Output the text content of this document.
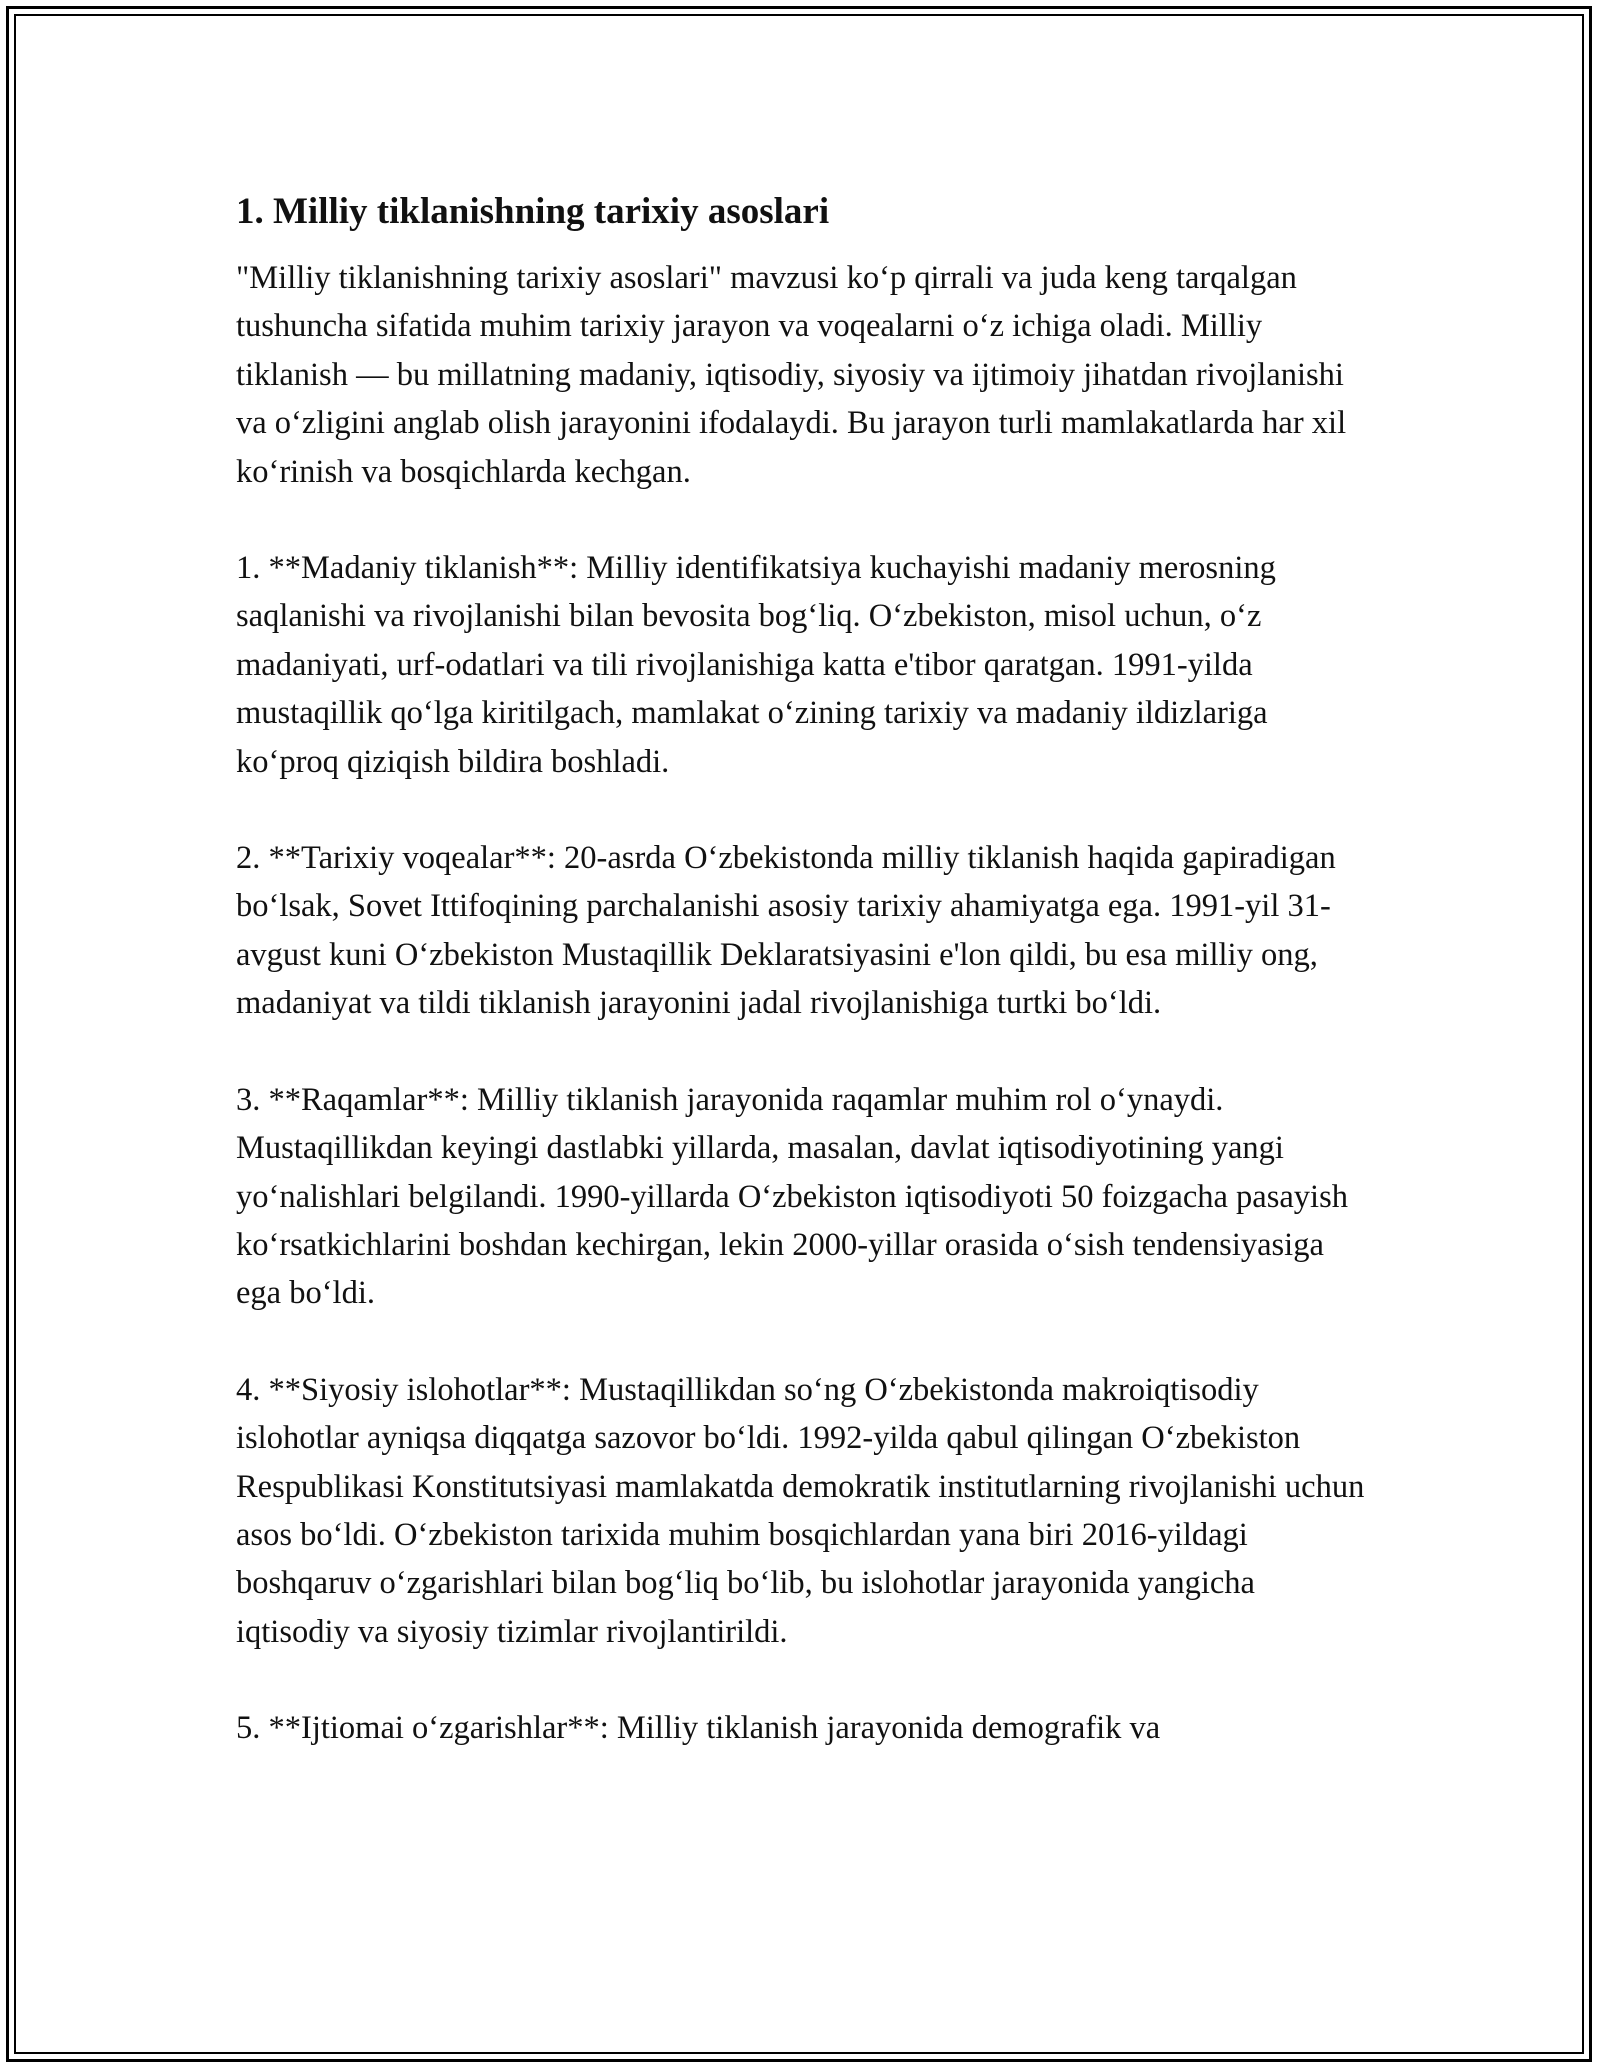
1. Milliy tiklanishning tarixiy asoslari

"Milliy tiklanishning tarixiy asoslari" mavzusi ko‘p qirrali va juda keng tarqalgan tushuncha sifatida muhim tarixiy jarayon va voqealarni o‘z ichiga oladi. Milliy tiklanish — bu millatning madaniy, iqtisodiy, siyosiy va ijtimoiy jihatdan rivojlanishi va o‘zligini anglab olish jarayonini ifodalaydi. Bu jarayon turli mamlakatlarda har xil ko‘rinish va bosqichlarda kechgan.

1. **Madaniy tiklanish**: Milliy identifikatsiya kuchayishi madaniy merosning saqlanishi va rivojlanishi bilan bevosita bog‘liq. O‘zbekiston, misol uchun, o‘z madaniyati, urf-odatlari va tili rivojlanishiga katta e'tibor qaratgan. 1991-yilda mustaqillik qo‘lga kiritilgach, mamlakat o‘zining tarixiy va madaniy ildizlariga ko‘proq qiziqish bildira boshladi.

2. **Tarixiy voqealar**: 20-asrda O‘zbekistonda milliy tiklanish haqida gapiradigan bo‘lsak, Sovet Ittifoqining parchalanishi asosiy tarixiy ahamiyatga ega. 1991-yil 31-avgust kuni O‘zbekiston Mustaqillik Deklaratsiyasini e'lon qildi, bu esa milliy ong, madaniyat va tildi tiklanish jarayonini jadal rivojlanishiga turtki bo‘ldi.

3. **Raqamlar**: Milliy tiklanish jarayonida raqamlar muhim rol o‘ynaydi. Mustaqillikdan keyingi dastlabki yillarda, masalan, davlat iqtisodiyotining yangi yo‘nalishlari belgilandi. 1990-yillarda O‘zbekiston iqtisodiyoti 50 foizgacha pasayish ko‘rsatkichlarini boshdan kechirgan, lekin 2000-yillar orasida o‘sish tendensiyasiga ega bo‘ldi.

4. **Siyosiy islohotlar**: Mustaqillikdan so‘ng O‘zbekistonda makroiqtisodiy islohotlar ayniqsa diqqatga sazovor bo‘ldi. 1992-yilda qabul qilingan O‘zbekiston Respublikasi Konstitutsiyasi mamlakatda demokratik institutlarning rivojlanishi uchun asos bo‘ldi. O‘zbekiston tarixida muhim bosqichlardan yana biri 2016-yildagi boshqaruv o‘zgarishlari bilan bog‘liq bo‘lib, bu islohotlar jarayonida yangicha iqtisodiy va siyosiy tizimlar rivojlantirildi.

5. **Ijtiomai o‘zgarishlar**: Milliy tiklanish jarayonida demografik va
